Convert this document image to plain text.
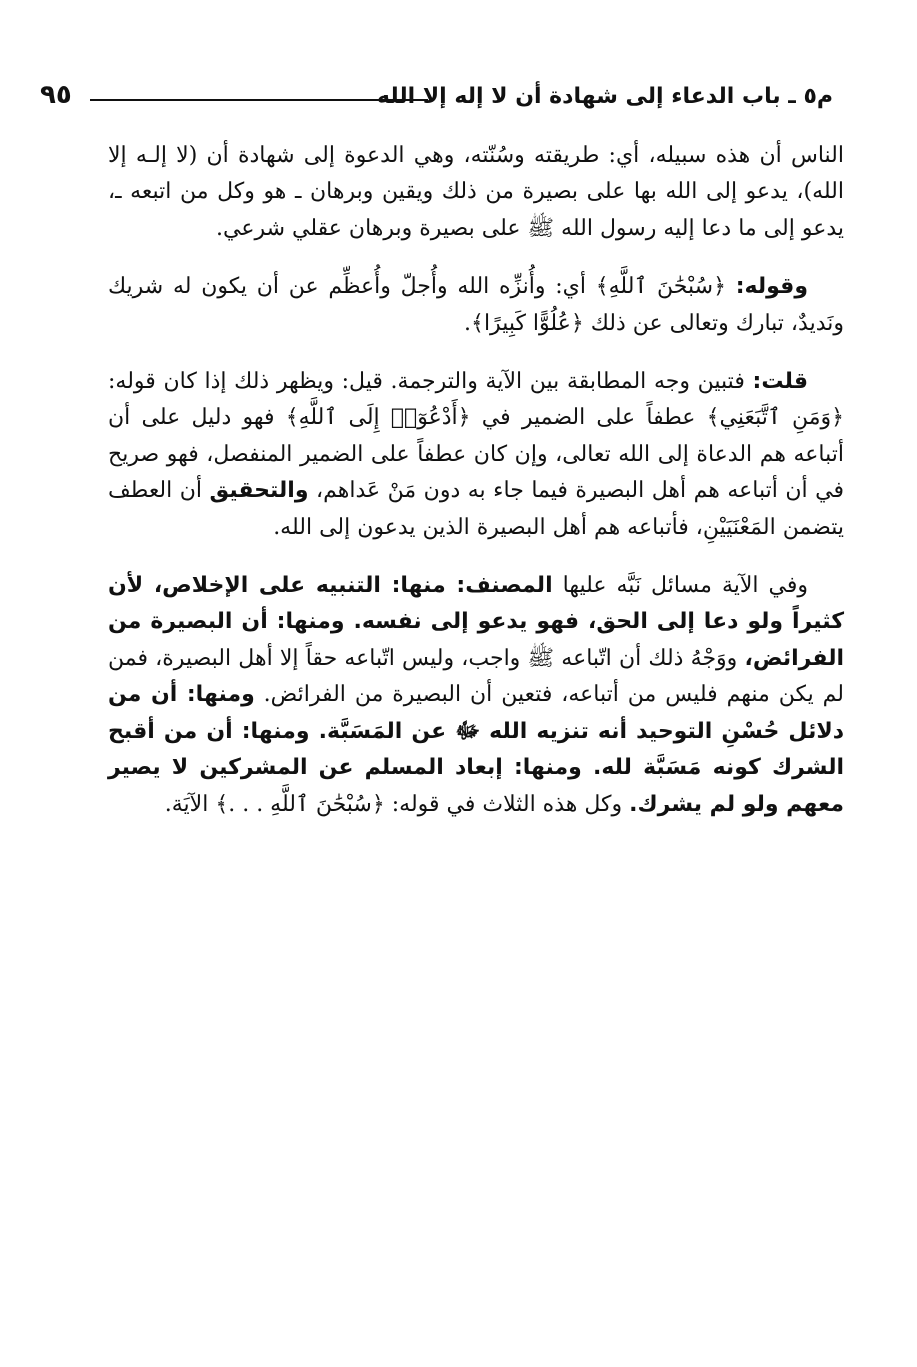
م٥ ـ باب الدعاء إلى شهادة أن لا إله إلا الله
٩٥

الناس أن هذه سبيله، أي: طريقته وسُنّته، وهي الدعوة إلى شهادة أن (لا إلـه إلا الله)، يدعو إلى الله بها على بصيرة من ذلك ويقين وبرهان ـ هو وكل من اتبعه ـ، يدعو إلى ما دعا إليه رسول الله ﷺ على بصيرة وبرهان عقلي شرعي.

وقوله: ﴿سُبْحَٰنَ ٱللَّهِ﴾ أي: وأُنزِّه الله وأُجلّ وأُعظِّم عن أن يكون له شريك ونَديدٌ، تبارك وتعالى عن ذلك ﴿عُلُوًّا كَبِيرًا﴾.

قلت: فتبين وجه المطابقة بين الآية والترجمة. قيل: ويظهر ذلك إذا كان قوله: ﴿وَمَنِ ٱتَّبَعَنِي﴾ عطفاً على الضمير في ﴿أَدْعُوٓا۟ إِلَى ٱللَّهِ﴾ فهو دليل على أن أتباعه هم الدعاة إلى الله تعالى، وإن كان عطفاً على الضمير المنفصل، فهو صريح في أن أتباعه هم أهل البصيرة فيما جاء به دون مَنْ عَداهم، والتحقيق أن العطف يتضمن المَعْنَيَيْنِ، فأتباعه هم أهل البصيرة الذين يدعون إلى الله.

وفي الآية مسائل نَبَّه عليها المصنف: منها: التنبيه على الإخلاص، لأن كثيراً ولو دعا إلى الحق، فهو يدعو إلى نفسه. ومنها: أن البصيرة من الفرائض، ووَجْهُ ذلك أن اتّباعه ﷺ واجب، وليس اتّباعه حقاً إلا أهل البصيرة، فمن لم يكن منهم فليس من أتباعه، فتعين أن البصيرة من الفرائض. ومنها: أن من دلائل حُسْنِ التوحيد أنه تنزيه الله ﷻ عن المَسَبَّة. ومنها: أن من أقبح الشرك كونه مَسَبَّة لله. ومنها: إبعاد المسلم عن المشركين لا يصير معهم ولو لم يشرك. وكل هذه الثلاث في قوله: ﴿سُبْحَٰنَ ٱللَّهِ . . .﴾ الآيَة.
